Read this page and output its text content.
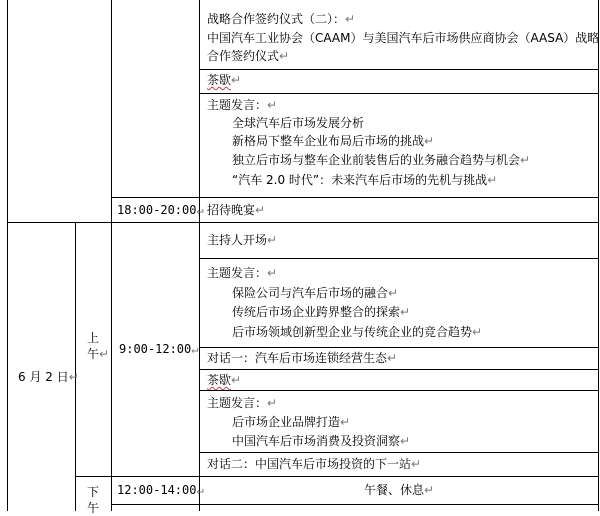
战略合作签约仪式（二）：↵
中国汽车工业协会（CAAM）与美国汽车后市场供应商协会（AASA）战略
合作签约仪式↵
茶歇↵
主题发言：↵
全球汽车后市场发展分析
新格局下整车企业布局后市场的挑战↵
独立后市场与整车企业前装售后的业务融合趋势与机会↵
“汽车 2.0 时代”：未来汽车后市场的先机与挑战↵
18:00-20:00↵ 招待晚宴↵
6 月 2 日↵
上
午↵ 9:00-12:00↵
主持人开场↵
主题发言：↵
保险公司与汽车后市场的融合↵
传统后市场企业跨界整合的探索↵
后市场领域创新型企业与传统企业的竞合趋势↵
对话一：汽车后市场连锁经营生态↵
茶歇↵
主题发言：↵
后市场企业品牌打造↵
中国汽车后市场消费及投资洞察↵
对话二：中国汽车后市场投资的下一站↵
下
午
12:00-14:00↵	午餐、休息↵
